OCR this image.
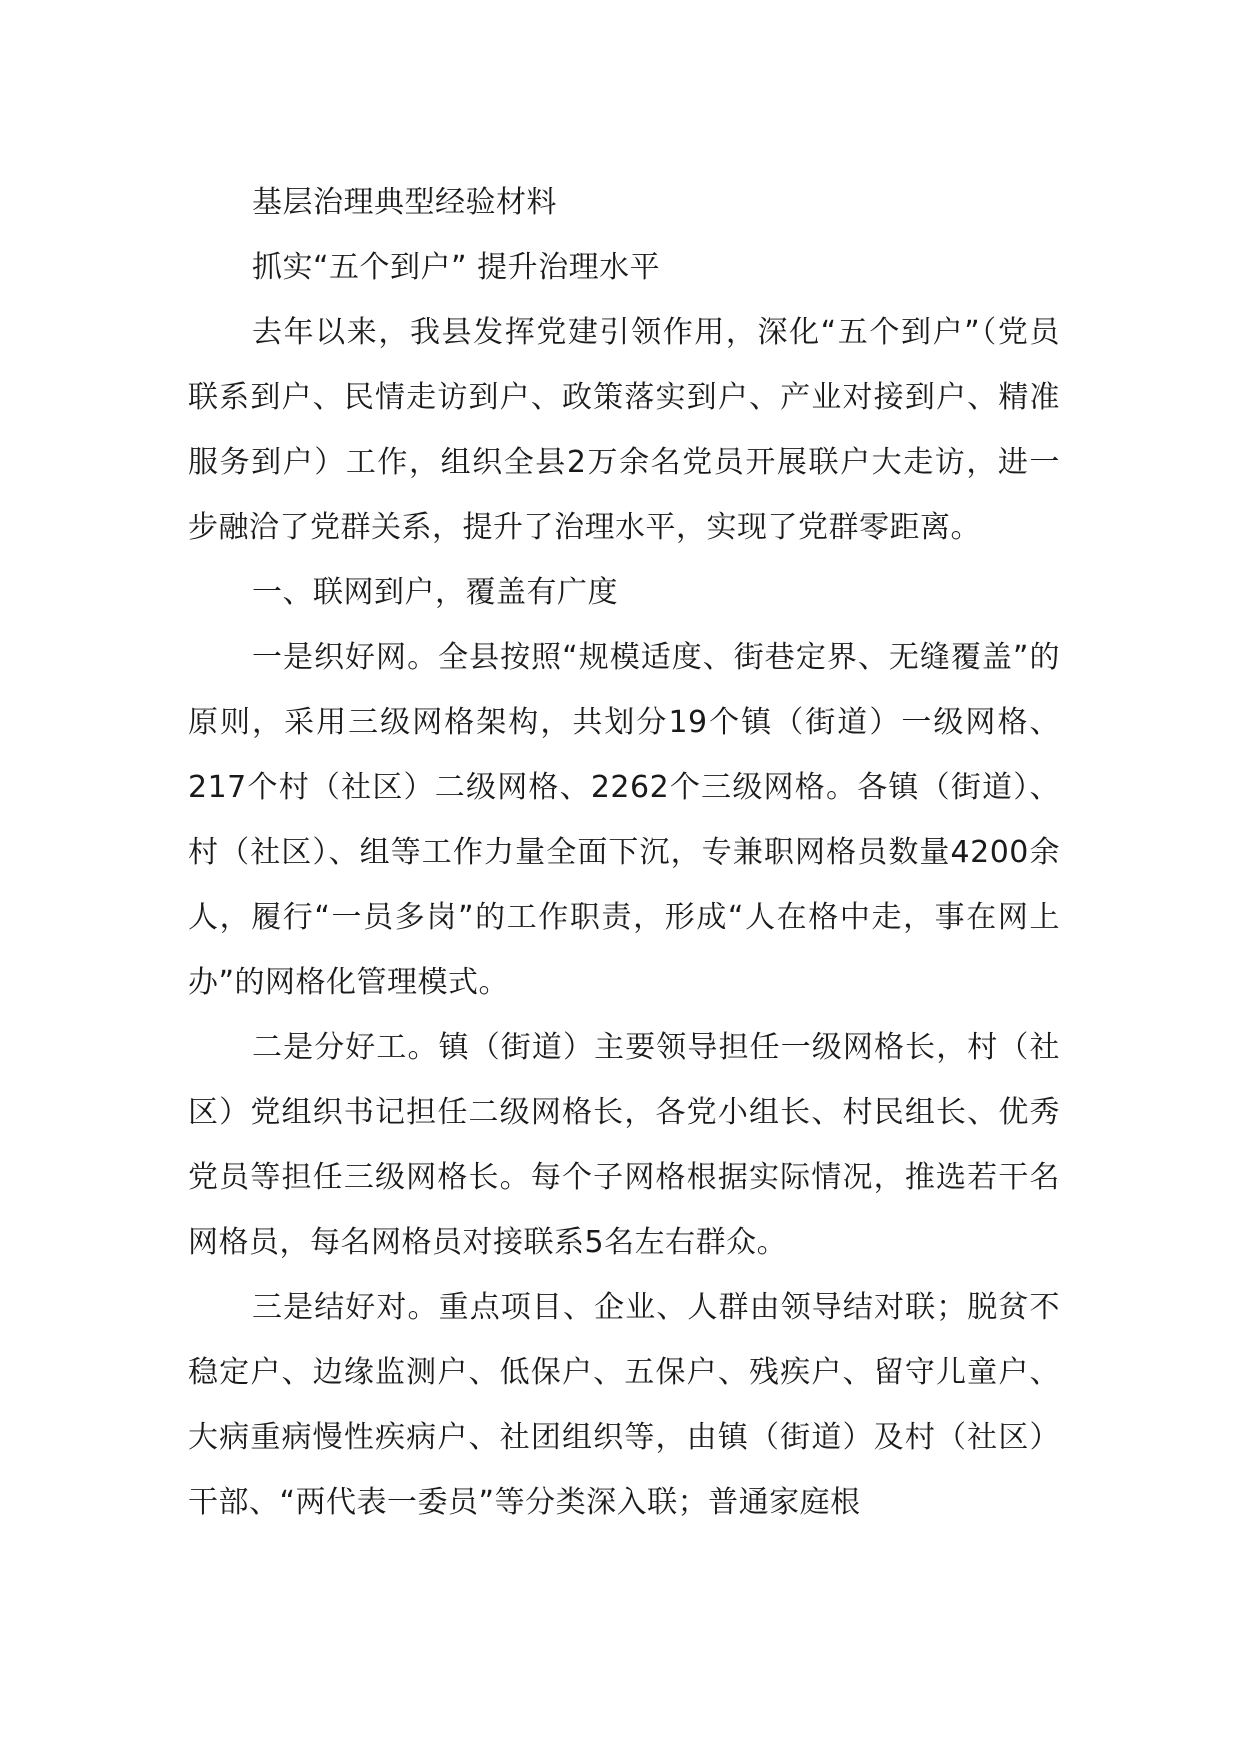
基层治理典型经验材料

抓实“五个到户” 提升治理水平

去年以来，我县发挥党建引领作用，深化“五个到户”（党员联系到户、民情走访到户、政策落实到户、产业对接到户、精准服务到户）工作，组织全县2万余名党员开展联户大走访，进一步融洽了党群关系，提升了治理水平，实现了党群零距离。

一、联网到户，覆盖有广度

一是织好网。全县按照“规模适度、街巷定界、无缝覆盖”的原则，采用三级网格架构，共划分19个镇（街道）一级网格、217个村（社区）二级网格、2262个三级网格。各镇（街道）、村（社区）、组等工作力量全面下沉，专兼职网格员数量4200余人，履行“一员多岗”的工作职责，形成“人在格中走，事在网上办”的网格化管理模式。

二是分好工。镇（街道）主要领导担任一级网格长，村（社区）党组织书记担任二级网格长，各党小组长、村民组长、优秀党员等担任三级网格长。每个子网格根据实际情况，推选若干名网格员，每名网格员对接联系5名左右群众。

三是结好对。重点项目、企业、人群由领导结对联；脱贫不稳定户、边缘监测户、低保户、五保户、残疾户、留守儿童户、大病重病慢性疾病户、社团组织等，由镇（街道）及村（社区）干部、“两代表一委员”等分类深入联；普通家庭根
